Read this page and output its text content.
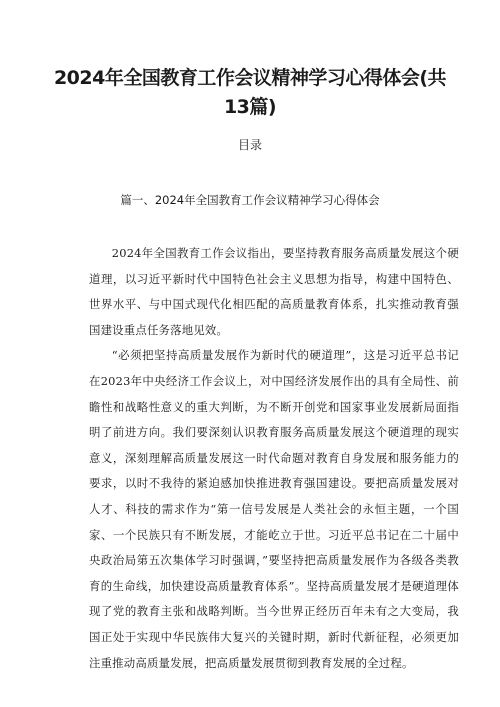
2024年全国教育工作会议精神学习心得体会(共13篇)
目录
篇一、2024年全国教育工作会议精神学习心得体会

2024年全国教育工作会议指出，要坚持教育服务高质量发展这个硬道理，以习近平新时代中国特色社会主义思想为指导，构建中国特色、世界水平、与中国式现代化相匹配的高质量教育体系，扎实推动教育强国建设重点任务落地见效。

“必须把坚持高质量发展作为新时代的硬道理”，这是习近平总书记在2023年中央经济工作会议上，对中国经济发展作出的具有全局性、前瞻性和战略性意义的重大判断，为不断开创党和国家事业发展新局面指明了前进方向。我们要深刻认识教育服务高质量发展这个硬道理的现实意义，深刻理解高质量发展这一时代命题对教育自身发展和服务能力的要求，以时不我待的紧迫感加快推进教育强国建设。要把高质量发展对人才、科技的需求作为“第一信号发展是人类社会的永恒主题，一个国家、一个民族只有不断发展，才能屹立于世。习近平总书记在二十届中央政治局第五次集体学习时强调，”要坚持把高质量发展作为各级各类教育的生命线，加快建设高质量教育体系”。坚持高质量发展才是硬道理体现了党的教育主张和战略判断。当今世界正经历百年未有之大变局，我国正处于实现中华民族伟大复兴的关键时期，新时代新征程，必须更加注重推动高质量发展，把高质量发展贯彻到教育发展的全过程。
